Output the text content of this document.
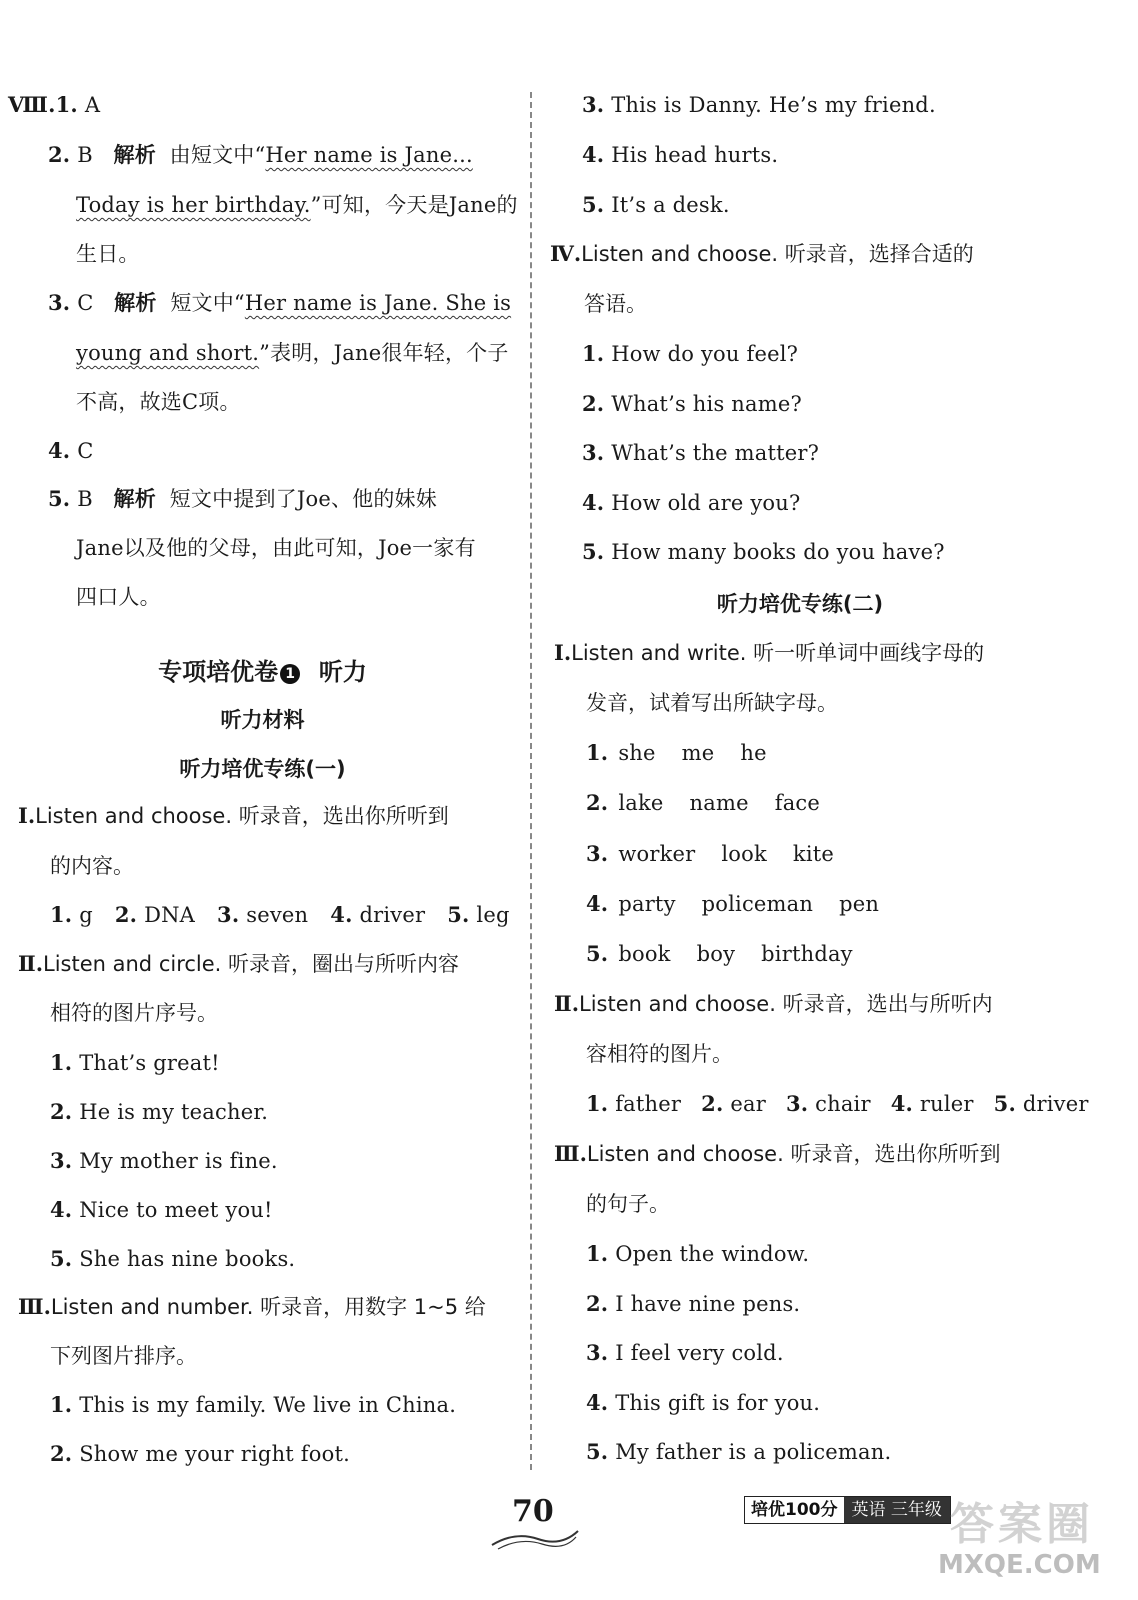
Ⅷ.1. A
2. B 解析 由短文中“Her name is Jane...
Today is her birthday.”可知，今天是Jane的
生日。
3. C 解析 短文中“Her name is Jane. She is
young and short.”表明，Jane很年轻，个子
不高，故选C项。
4. C
5. B 解析 短文中提到了Joe、他的妹妹
Jane以及他的父母，由此可知，Joe一家有
四口人。
专项培优卷 1 听力
听力材料
听力培优专练(一)
Ⅰ.Listen and choose. 听录音，选出你所听到
的内容。
1. g 2. DNA 3. seven 4. driver 5. leg
Ⅱ.Listen and circle. 听录音，圈出与所听内容
相符的图片序号。
1. That’s great!
2. He is my teacher.
3. My mother is fine.
4. Nice to meet you!
5. She has nine books.
Ⅲ.Listen and number. 听录音，用数字 1~5 给
下列图片排序。
1. This is my family. We live in China.
2. Show me your right foot.
3. This is Danny. He’s my friend.
4. His head hurts.
5. It’s a desk.
Ⅳ.Listen and choose. 听录音，选择合适的
答语。
1. How do you feel?
2. What’s his name?
3. What’s the matter?
4. How old are you?
5. How many books do you have?
听力培优专练(二)
Ⅰ.Listen and write. 听一听单词中画线字母的
发音，试着写出所缺字母。
1. she me he
2. lake name face
3. worker look kite
4. party policeman pen
5. book boy birthday
Ⅱ.Listen and choose. 听录音，选出与所听内
容相符的图片。
1. father 2. ear 3. chair 4. ruler 5. driver
Ⅲ.Listen and choose. 听录音，选出你所听到
的句子。
1. Open the window.
2. I have nine pens.
3. I feel very cold.
4. This gift is for you.
5. My father is a policeman.
70	培优100分 英语 三年级 答案圈
MXQE.COM
